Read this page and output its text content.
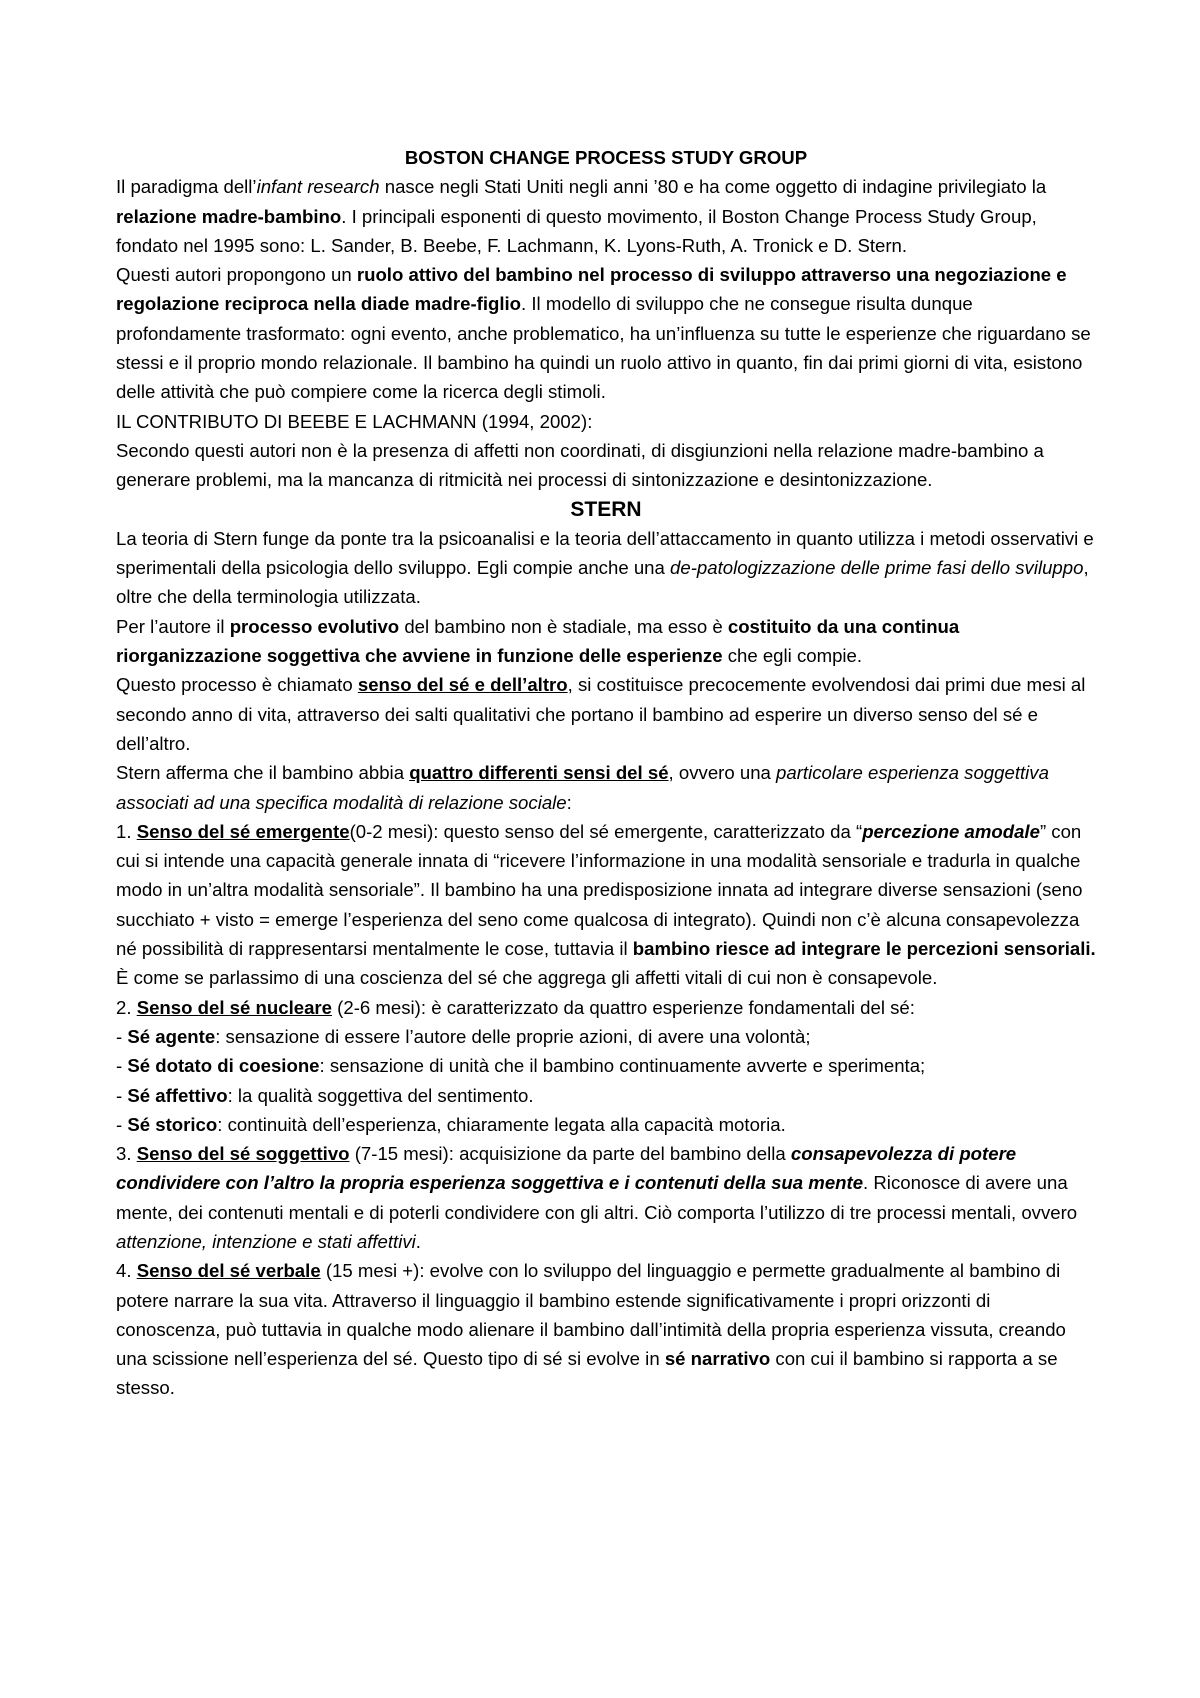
BOSTON CHANGE PROCESS STUDY GROUP

Il paradigma dell’infant research nasce negli Stati Uniti negli anni ’80 e ha come oggetto di indagine privilegiato la relazione madre-bambino. I principali esponenti di questo movimento, il Boston Change Process Study Group, fondato nel 1995 sono: L. Sander, B. Beebe, F. Lachmann, K. Lyons-Ruth, A. Tronick e D. Stern.

Questi autori propongono un ruolo attivo del bambino nel processo di sviluppo attraverso una negoziazione e regolazione reciproca nella diade madre-figlio. Il modello di sviluppo che ne consegue risulta dunque profondamente trasformato: ogni evento, anche problematico, ha un’influenza su tutte le esperienze che riguardano se stessi e il proprio mondo relazionale. Il bambino ha quindi un ruolo attivo in quanto, fin dai primi giorni di vita, esistono delle attività che può compiere come la ricerca degli stimoli.

IL CONTRIBUTO DI BEEBE E LACHMANN (1994, 2002):

Secondo questi autori non è la presenza di affetti non coordinati, di disgiunzioni nella relazione madre-bambino a generare problemi, ma la mancanza di ritmicità nei processi di sintonizzazione e desintonizzazione.

STERN

La teoria di Stern funge da ponte tra la psicoanalisi e la teoria dell’attaccamento in quanto utilizza i metodi osservativi e sperimentali della psicologia dello sviluppo. Egli compie anche una de-patologizzazione delle prime fasi dello sviluppo, oltre che della terminologia utilizzata.

Per l’autore il processo evolutivo del bambino non è stadiale, ma esso è costituito da una continua riorganizzazione soggettiva che avviene in funzione delle esperienze che egli compie.

Questo processo è chiamato senso del sé e dell’altro, si costituisce precocemente evolvendosi dai primi due mesi al secondo anno di vita, attraverso dei salti qualitativi che portano il bambino ad esperire un diverso senso del sé e dell’altro.

Stern afferma che il bambino abbia quattro differenti sensi del sé, ovvero una particolare esperienza soggettiva associati ad una specifica modalità di relazione sociale:

1. Senso del sé emergente(0-2 mesi): questo senso del sé emergente, caratterizzato da “percezione amodale” con cui si intende una capacità generale innata di “ricevere l’informazione in una modalità sensoriale e tradurla in qualche modo in un’altra modalità sensoriale”. Il bambino ha una predisposizione innata ad integrare diverse sensazioni (seno succhiato + visto = emerge l’esperienza del seno come qualcosa di integrato). Quindi non c’è alcuna consapevolezza né possibilità di rappresentarsi mentalmente le cose, tuttavia il bambino riesce ad integrare le percezioni sensoriali. È come se parlassimo di una coscienza del sé che aggrega gli affetti vitali di cui non è consapevole.

2. Senso del sé nucleare (2-6 mesi): è caratterizzato da quattro esperienze fondamentali del sé:

- Sé agente: sensazione di essere l’autore delle proprie azioni, di avere una volontà;

- Sé dotato di coesione: sensazione di unità che il bambino continuamente avverte e sperimenta;

- Sé affettivo: la qualità soggettiva del sentimento.

- Sé storico: continuità dell’esperienza, chiaramente legata alla capacità motoria.

3. Senso del sé soggettivo (7-15 mesi): acquisizione da parte del bambino della consapevolezza di potere condividere con l’altro la propria esperienza soggettiva e i contenuti della sua mente. Riconosce di avere una mente, dei contenuti mentali e di poterli condividere con gli altri. Ciò comporta l’utilizzo di tre processi mentali, ovvero attenzione, intenzione e stati affettivi.

4. Senso del sé verbale (15 mesi +): evolve con lo sviluppo del linguaggio e permette gradualmente al bambino di potere narrare la sua vita. Attraverso il linguaggio il bambino estende significativamente i propri orizzonti di conoscenza, può tuttavia in qualche modo alienare il bambino dall’intimità della propria esperienza vissuta, creando una scissione nell’esperienza del sé. Questo tipo di sé si evolve in sé narrativo con cui il bambino si rapporta a se stesso.
